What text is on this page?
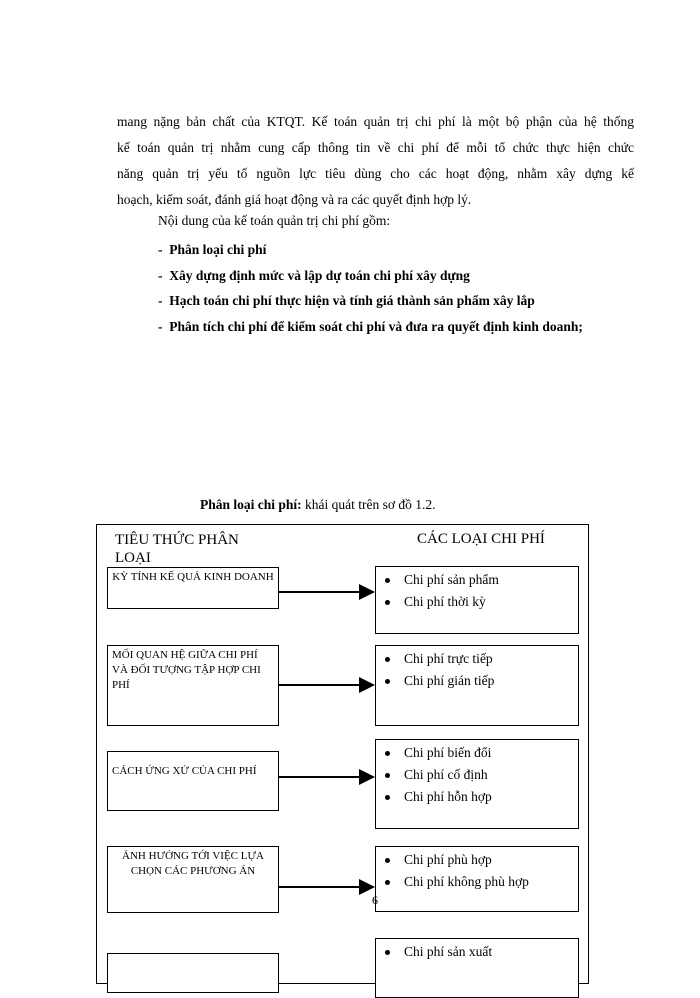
mang nặng bản chất của KTQT. Kế toán quản trị chi phí là một bộ phận của hệ thống
kế toán quản trị nhằm cung cấp thông tin về chi phí để mỗi tổ chức thực hiện chức
năng quản trị yếu tố nguồn lực tiêu dùng cho các hoạt động, nhằm xây dựng kế
hoạch, kiểm soát, đánh giá hoạt động và ra các quyết định hợp lý.
Nội dung của kế toán quản trị chi phí gồm:
-  Phân loại chi phí
-  Xây dựng định mức và lập dự toán chi phí xây dựng
-  Hạch toán chi phí thực hiện và tính giá thành sản phẩm xây lắp
-  Phân tích chi phí để kiểm soát chi phí và đưa ra quyết định kinh doanh;
Phân loại chi phí: khái quát trên sơ đồ 1.2.
TIÊU THỨC PHÂN LOẠI
CÁC LOẠI CHI PHÍ
KỲ TÍNH KẾ QUẢ KINH DOANH	Chi phí sản phẩm
Chi phí thời kỳ
MỐI QUAN HỆ GIỮA CHI PHÍ VÀ ĐỐI TƯỢNG TẬP HỢP CHI PHÍ
Chi phí trực tiếp
Chi phí gián tiếp
CÁCH ỨNG XỬ CỦA CHI PHÍ
Chi phí biến đổi
Chi phí cố định
Chi phí hỗn hợp
ẢNH HƯỞNG TỚI VIỆC LỰA CHỌN CÁC PHƯƠNG ÁN
Chi phí phù hợp
Chi phí không phù hợp
Chi phí sản xuất
6
